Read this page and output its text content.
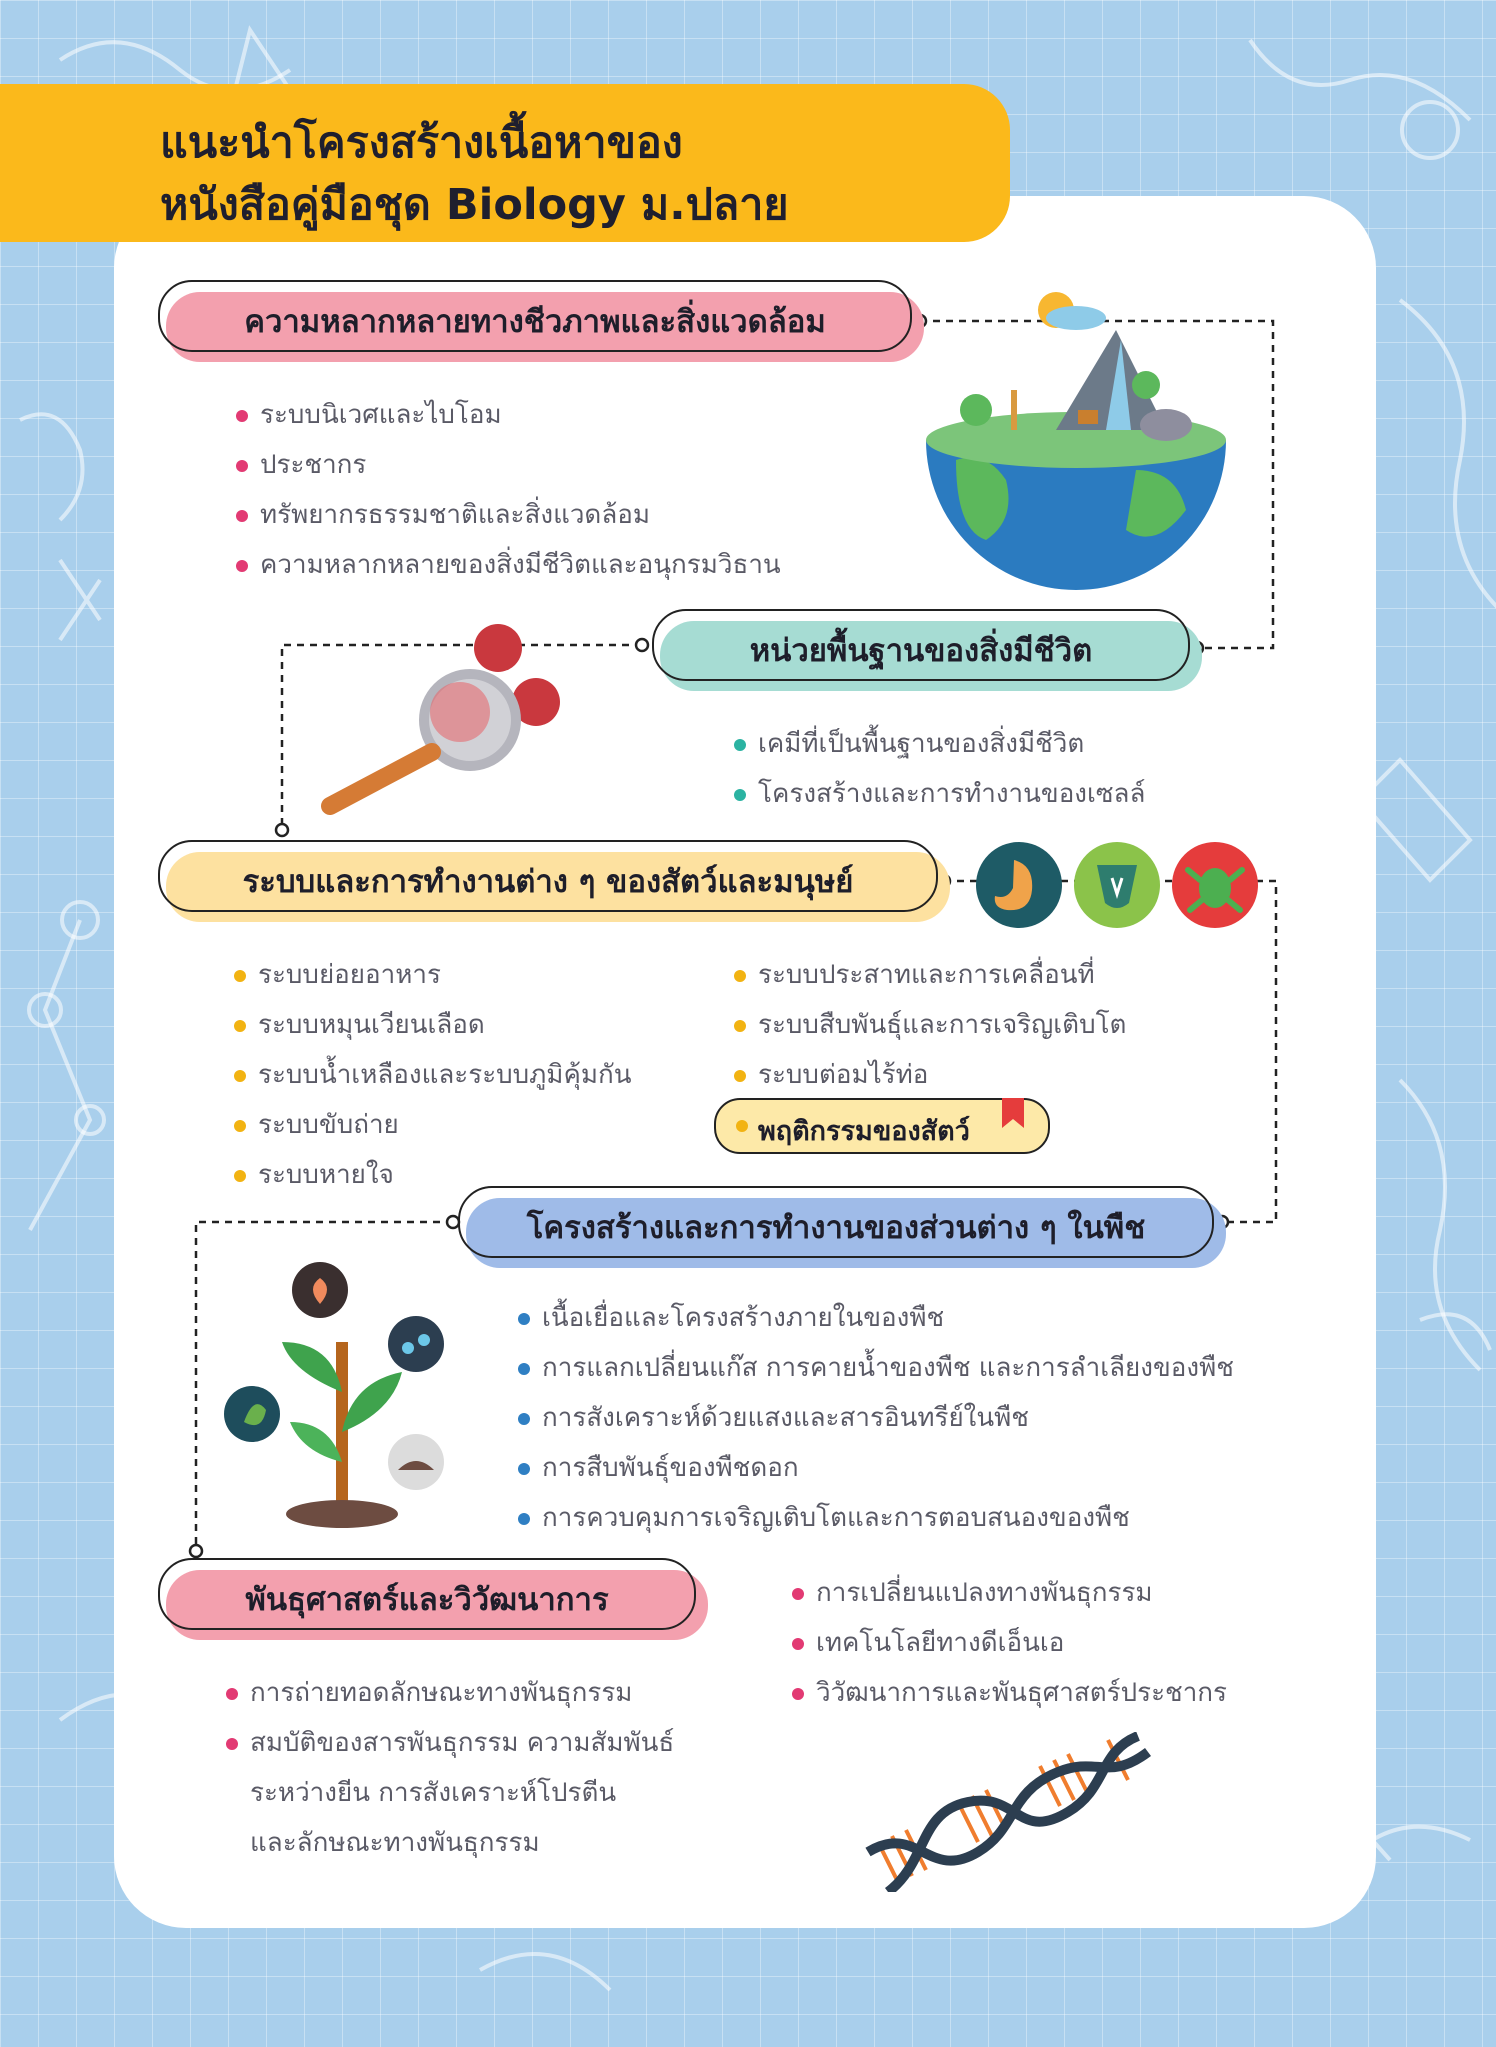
แนะนำโครงสร้างเนื้อหาของ
หนังสือคู่มือชุด Biology ม.ปลาย
ความหลากหลายทางชีวภาพและสิ่งแวดล้อม
ระบบนิเวศและไบโอม
ประชากร
ทรัพยากรธรรมชาติและสิ่งแวดล้อม
ความหลากหลายของสิ่งมีชีวิตและอนุกรมวิธาน
หน่วยพื้นฐานของสิ่งมีชีวิต
เคมีที่เป็นพื้นฐานของสิ่งมีชีวิต
โครงสร้างและการทำงานของเซลล์
ระบบและการทำงานต่าง ๆ ของสัตว์และมนุษย์
ระบบย่อยอาหาร
ระบบหมุนเวียนเลือด
ระบบน้ำเหลืองและระบบภูมิคุ้มกัน
ระบบขับถ่าย
ระบบหายใจ
ระบบประสาทและการเคลื่อนที่
ระบบสืบพันธุ์และการเจริญเติบโต
ระบบต่อมไร้ท่อ
พฤติกรรมของสัตว์
โครงสร้างและการทำงานของส่วนต่าง ๆ ในพืช
เนื้อเยื่อและโครงสร้างภายในของพืช
การแลกเปลี่ยนแก๊ส การคายน้ำของพืช และการลำเลียงของพืช
การสังเคราะห์ด้วยแสงและสารอินทรีย์ในพืช
การสืบพันธุ์ของพืชดอก
การควบคุมการเจริญเติบโตและการตอบสนองของพืช
พันธุศาสตร์และวิวัฒนาการ
การถ่ายทอดลักษณะทางพันธุกรรม
สมบัติของสารพันธุกรรม ความสัมพันธ์
ระหว่างยีน การสังเคราะห์โปรตีน
และลักษณะทางพันธุกรรม
การเปลี่ยนแปลงทางพันธุกรรม
เทคโนโลยีทางดีเอ็นเอ
วิวัฒนาการและพันธุศาสตร์ประชากร
